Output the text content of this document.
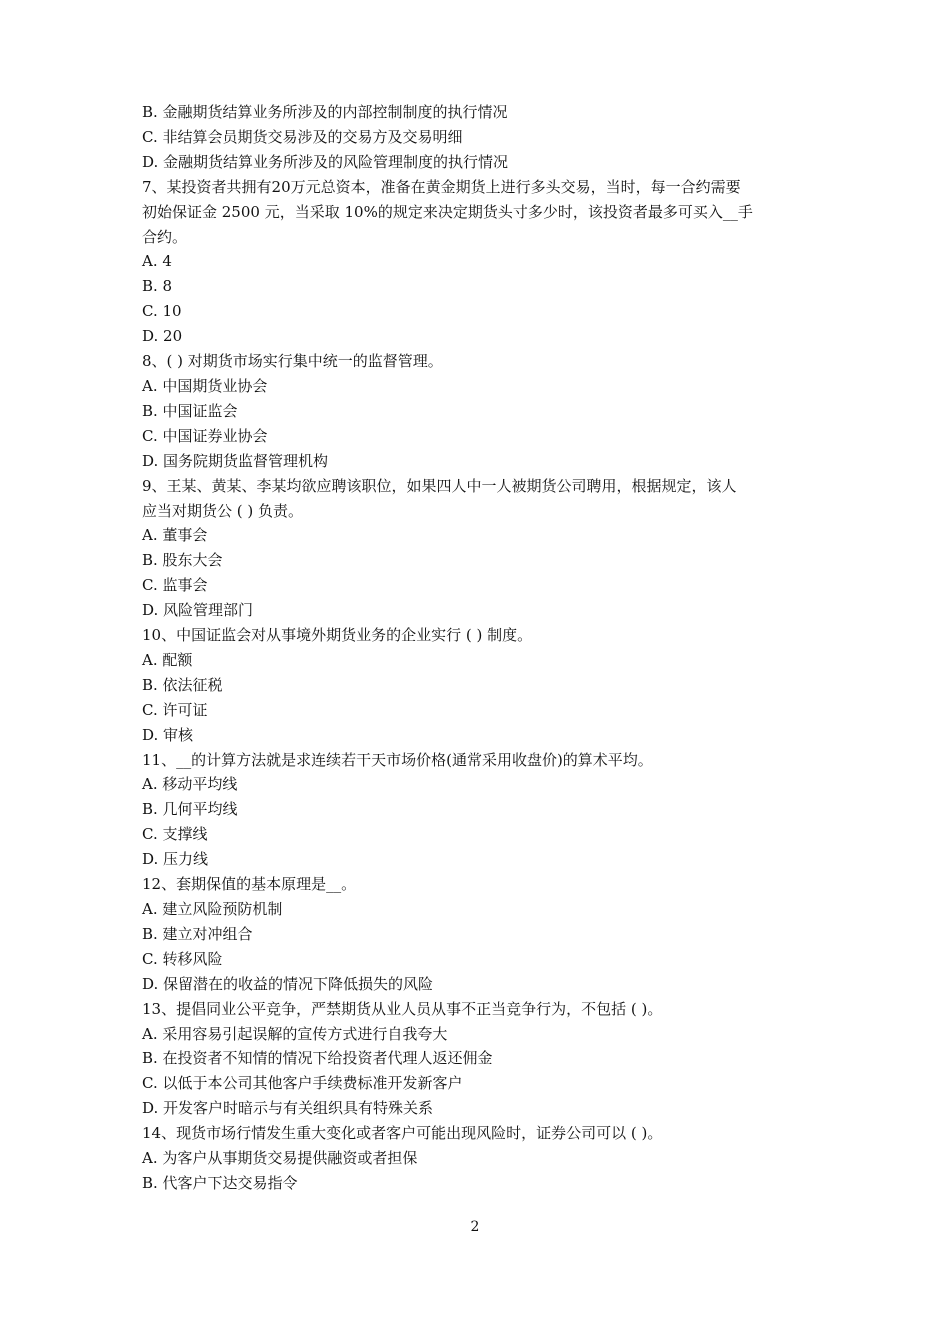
B. 金融期货结算业务所涉及的内部控制制度的执行情况

C. 非结算会员期货交易涉及的交易方及交易明细

D. 金融期货结算业务所涉及的风险管理制度的执行情况

7、某投资者共拥有20万元总资本，准备在黄金期货上进行多头交易，当时，每一合约需要

初始保证金 2500 元，当采取 10%的规定来决定期货头寸多少时，该投资者最多可买入__手

合约。

A. 4

B. 8

C. 10

D. 20

8、( ) 对期货市场实行集中统一的监督管理。

A. 中国期货业协会

B. 中国证监会

C. 中国证券业协会

D. 国务院期货监督管理机构

9、王某、黄某、李某均欲应聘该职位，如果四人中一人被期货公司聘用，根据规定，该人

应当对期货公 ( ) 负责。

A. 董事会

B. 股东大会

C. 监事会

D. 风险管理部门

10、中国证监会对从事境外期货业务的企业实行 ( ) 制度。

A. 配额

B. 依法征税

C. 许可证

D. 审核

11、__的计算方法就是求连续若干天市场价格(通常采用收盘价)的算术平均。

A. 移动平均线

B. 几何平均线

C. 支撑线

D. 压力线

12、套期保值的基本原理是__。

A. 建立风险预防机制

B. 建立对冲组合

C. 转移风险

D. 保留潜在的收益的情况下降低损失的风险

13、提倡同业公平竞争，严禁期货从业人员从事不正当竞争行为，不包括 ( )。

A. 采用容易引起误解的宣传方式进行自我夸大

B. 在投资者不知情的情况下给投资者代理人返还佣金

C. 以低于本公司其他客户手续费标准开发新客户

D. 开发客户时暗示与有关组织具有特殊关系

14、现货市场行情发生重大变化或者客户可能出现风险时，证券公司可以 ( )。

A. 为客户从事期货交易提供融资或者担保

B. 代客户下达交易指令

2
